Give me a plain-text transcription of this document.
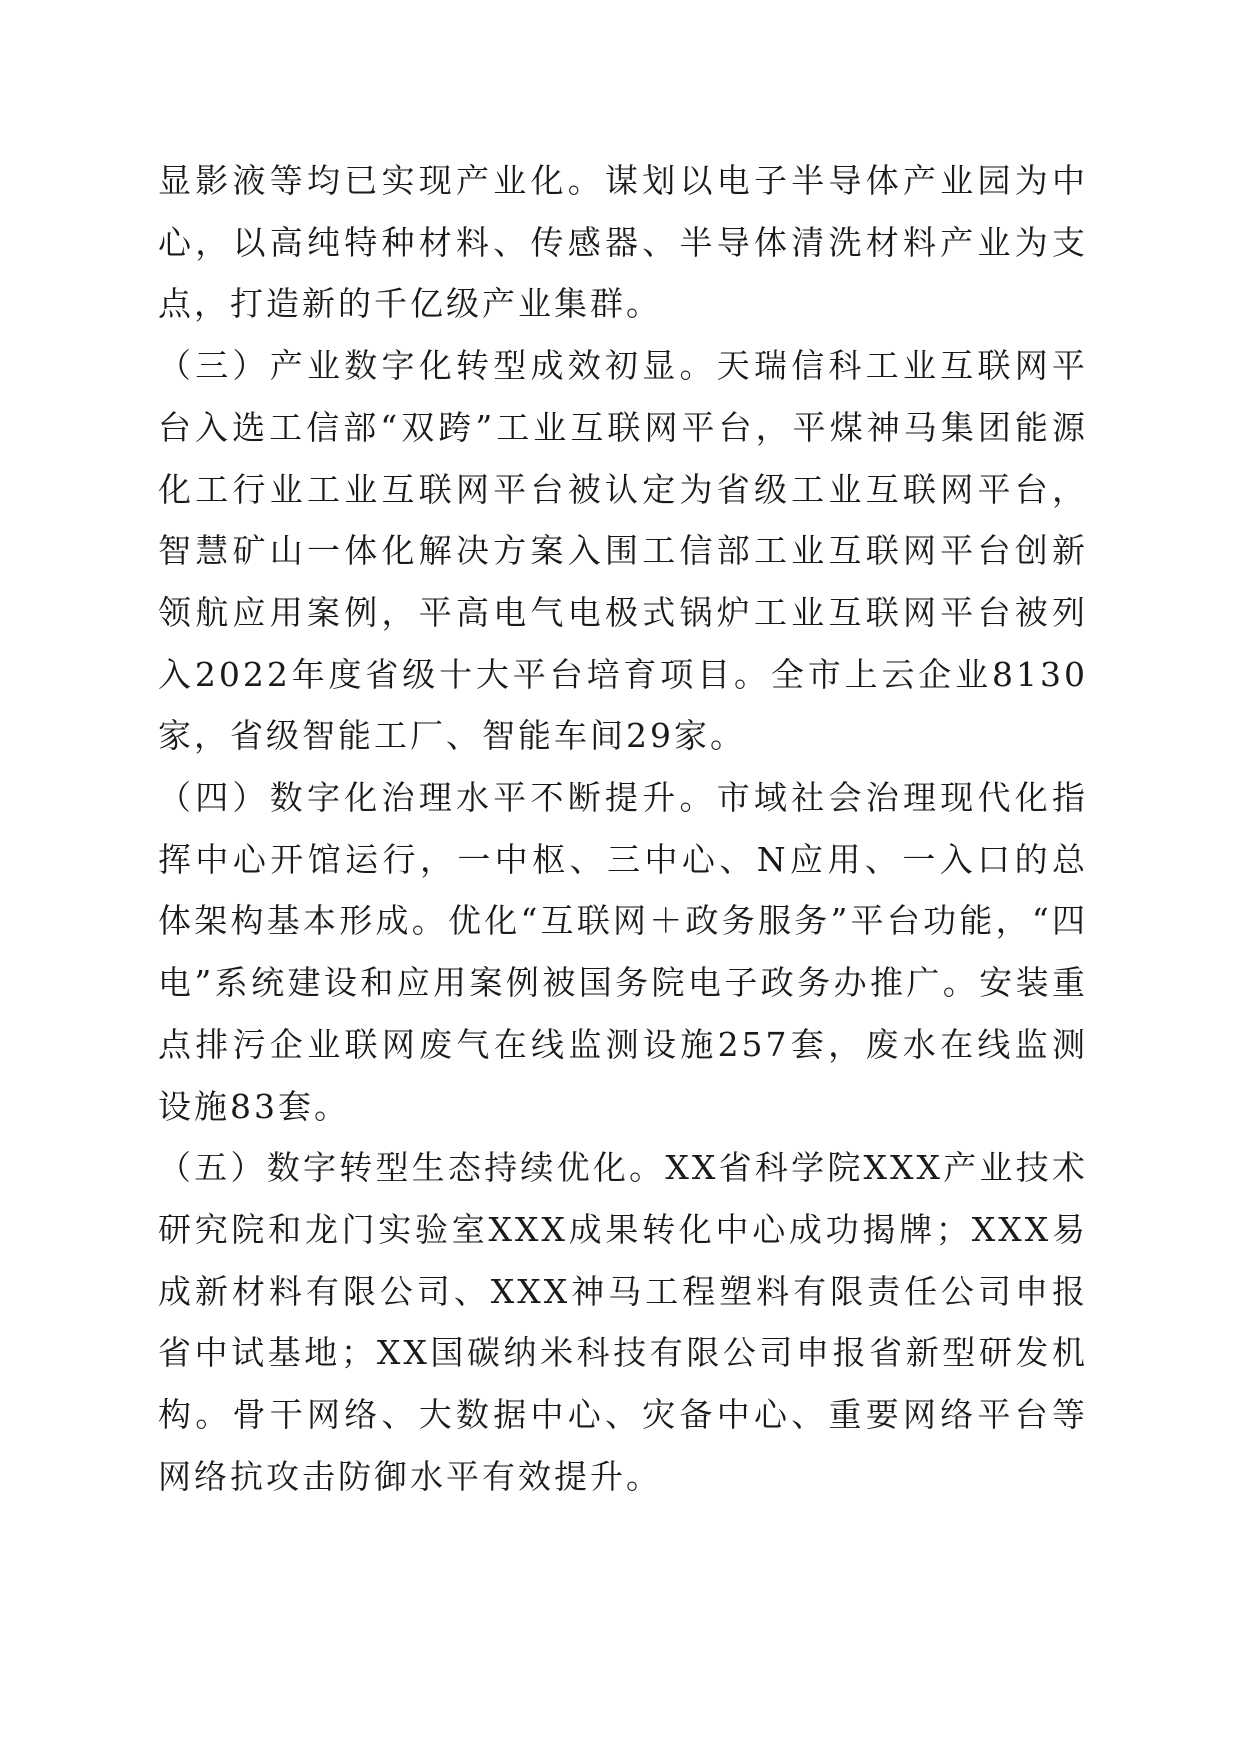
显影液等均已实现产业化。谋划以电子半导体产业园为中心，以高纯特种材料、传感器、半导体清洗材料产业为支点，打造新的千亿级产业集群。

（三）产业数字化转型成效初显。天瑞信科工业互联网平台入选工信部“双跨”工业互联网平台，平煤神马集团能源化工行业工业互联网平台被认定为省级工业互联网平台，智慧矿山一体化解决方案入围工信部工业互联网平台创新领航应用案例，平高电气电极式锅炉工业互联网平台被列入2022年度省级十大平台培育项目。全市上云企业8130家，省级智能工厂、智能车间29家。

（四）数字化治理水平不断提升。市域社会治理现代化指挥中心开馆运行，一中枢、三中心、N应用、一入口的总体架构基本形成。优化“互联网＋政务服务”平台功能，“四电”系统建设和应用案例被国务院电子政务办推广。安装重点排污企业联网废气在线监测设施257套，废水在线监测设施83套。

（五）数字转型生态持续优化。XX省科学院XXX产业技术研究院和龙门实验室XXX成果转化中心成功揭牌；XXX易成新材料有限公司、XXX神马工程塑料有限责任公司申报省中试基地；XX国碳纳米科技有限公司申报省新型研发机构。骨干网络、大数据中心、灾备中心、重要网络平台等网络抗攻击防御水平有效提升。
